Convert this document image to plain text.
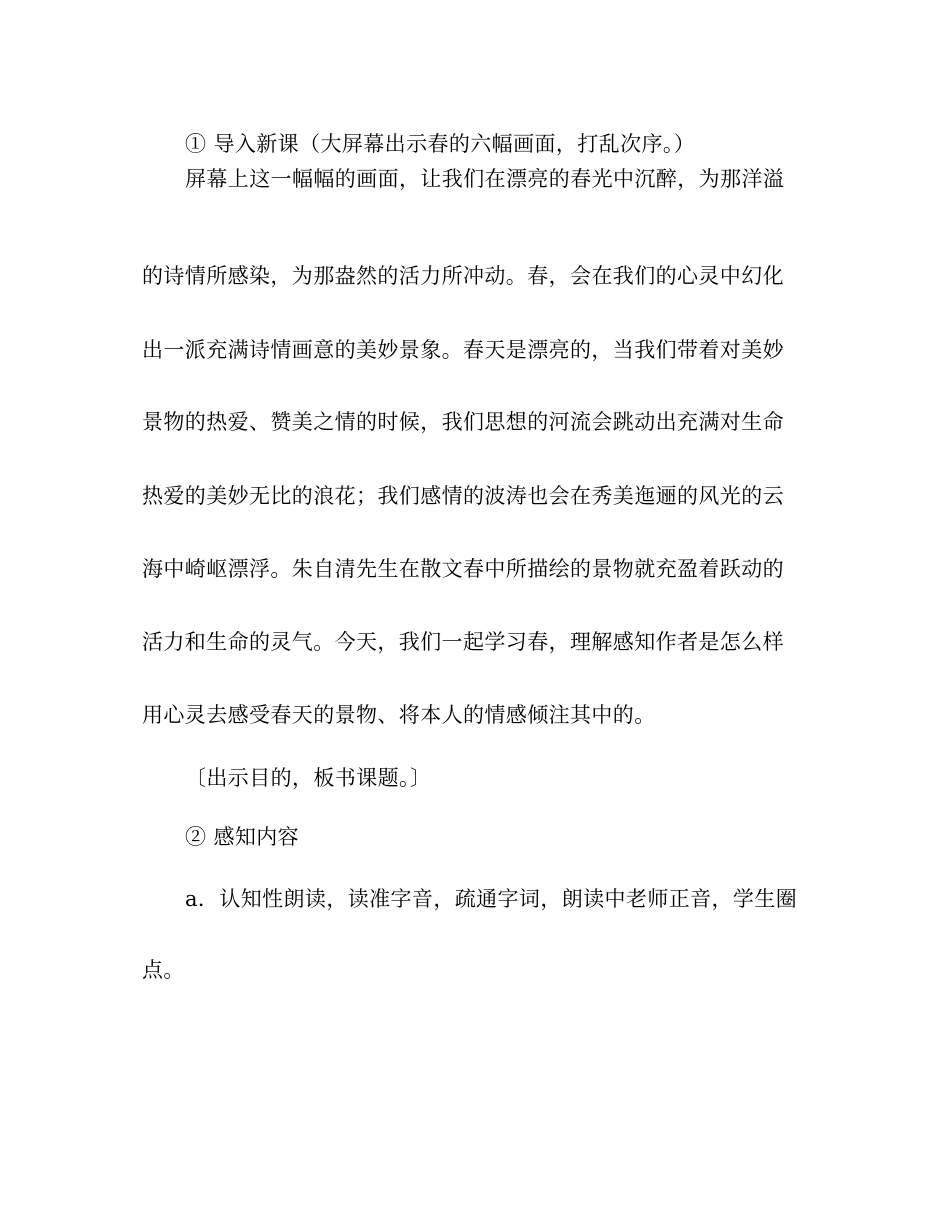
① 导入新课（大屏幕出示春的六幅画面，打乱次序。）
屏幕上这一幅幅的画面，让我们在漂亮的春光中沉醉，为那洋溢
的诗情所感染，为那盎然的活力所冲动。春，会在我们的心灵中幻化
出一派充满诗情画意的美妙景象。春天是漂亮的，当我们带着对美妙
景物的热爱、赞美之情的时候，我们思想的河流会跳动出充满对生命
热爱的美妙无比的浪花；我们感情的波涛也会在秀美迤逦的风光的云
海中崎岖漂浮。朱自清先生在散文春中所描绘的景物就充盈着跃动的
活力和生命的灵气。今天，我们一起学习春，理解感知作者是怎么样
用心灵去感受春天的景物、将本人的情感倾注其中的。
〔出示目的，板书课题。〕
② 感知内容
a．认知性朗读，读准字音，疏通字词，朗读中老师正音，学生圈
点。
